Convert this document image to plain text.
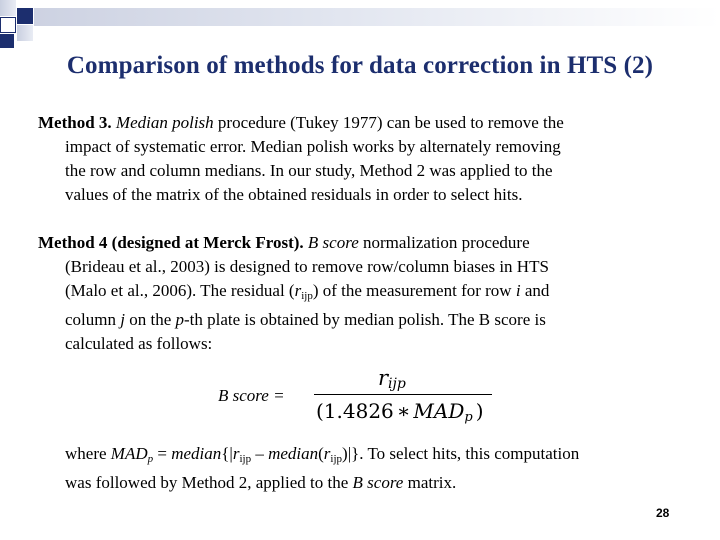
Comparison of methods for data correction in HTS (2)
Method 3. Median polish procedure (Tukey 1977) can be used to remove the
impact of systematic error. Median polish works by alternately removing
the row and column medians. In our study, Method 2 was applied to the
values of the matrix of the obtained residuals in order to select hits.
Method 4 (designed at Merck Frost). B score normalization procedure
(Brideau et al., 2003) is designed to remove row/column biases in HTS
(Malo et al., 2006). The residual $(r_{ijp})$ of the measurement for row i and
column j on the p-th plate is obtained by median polish. The B score is
calculated as follows:
B score =
$r_{ijp}$
(1.4826 ∗ $MAD_p$ )
where $MAD_p$ = $median\{|r_{ijp}$ – $median(r_{ijp})|$}. To select hits, this computation
was followed by Method 2, applied to the B score matrix.
28
